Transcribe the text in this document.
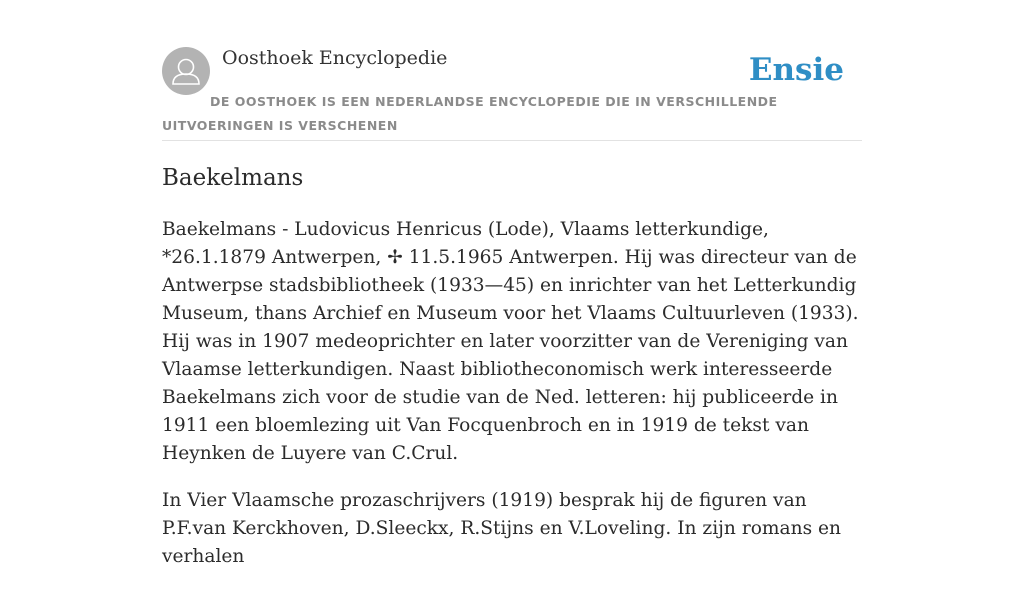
Oosthoek Encyclopedie	Ensie
DE OOSTHOEK IS EEN NEDERLANDSE ENCYCLOPEDIE DIE IN VERSCHILLENDE UITVOERINGEN IS VERSCHENEN
Baekelmans

Baekelmans - Ludovicus Henricus (Lode), Vlaams letterkundige, *26.1.1879 Antwerpen, ✢ 11.5.1965 Antwerpen. Hij was directeur van de Antwerpse stadsbibliotheek (1933—45) en inrichter van het Letterkundig Museum, thans Archief en Museum voor het Vlaams Cultuurleven (1933). Hij was in 1907 medeoprichter en later voorzitter van de Vereniging van Vlaamse letterkundigen. Naast bibliotheconomisch werk interesseerde Baekelmans zich voor de studie van de Ned. letteren: hij publiceerde in 1911 een bloemlezing uit Van Focquenbroch en in 1919 de tekst van Heynken de Luyere van C.Crul.

In Vier Vlaamsche prozaschrijvers (1919) besprak hij de figuren van P.F.van Kerckhoven, D.Sleeckx, R.Stijns en V.Loveling. In zijn romans en verhalen
